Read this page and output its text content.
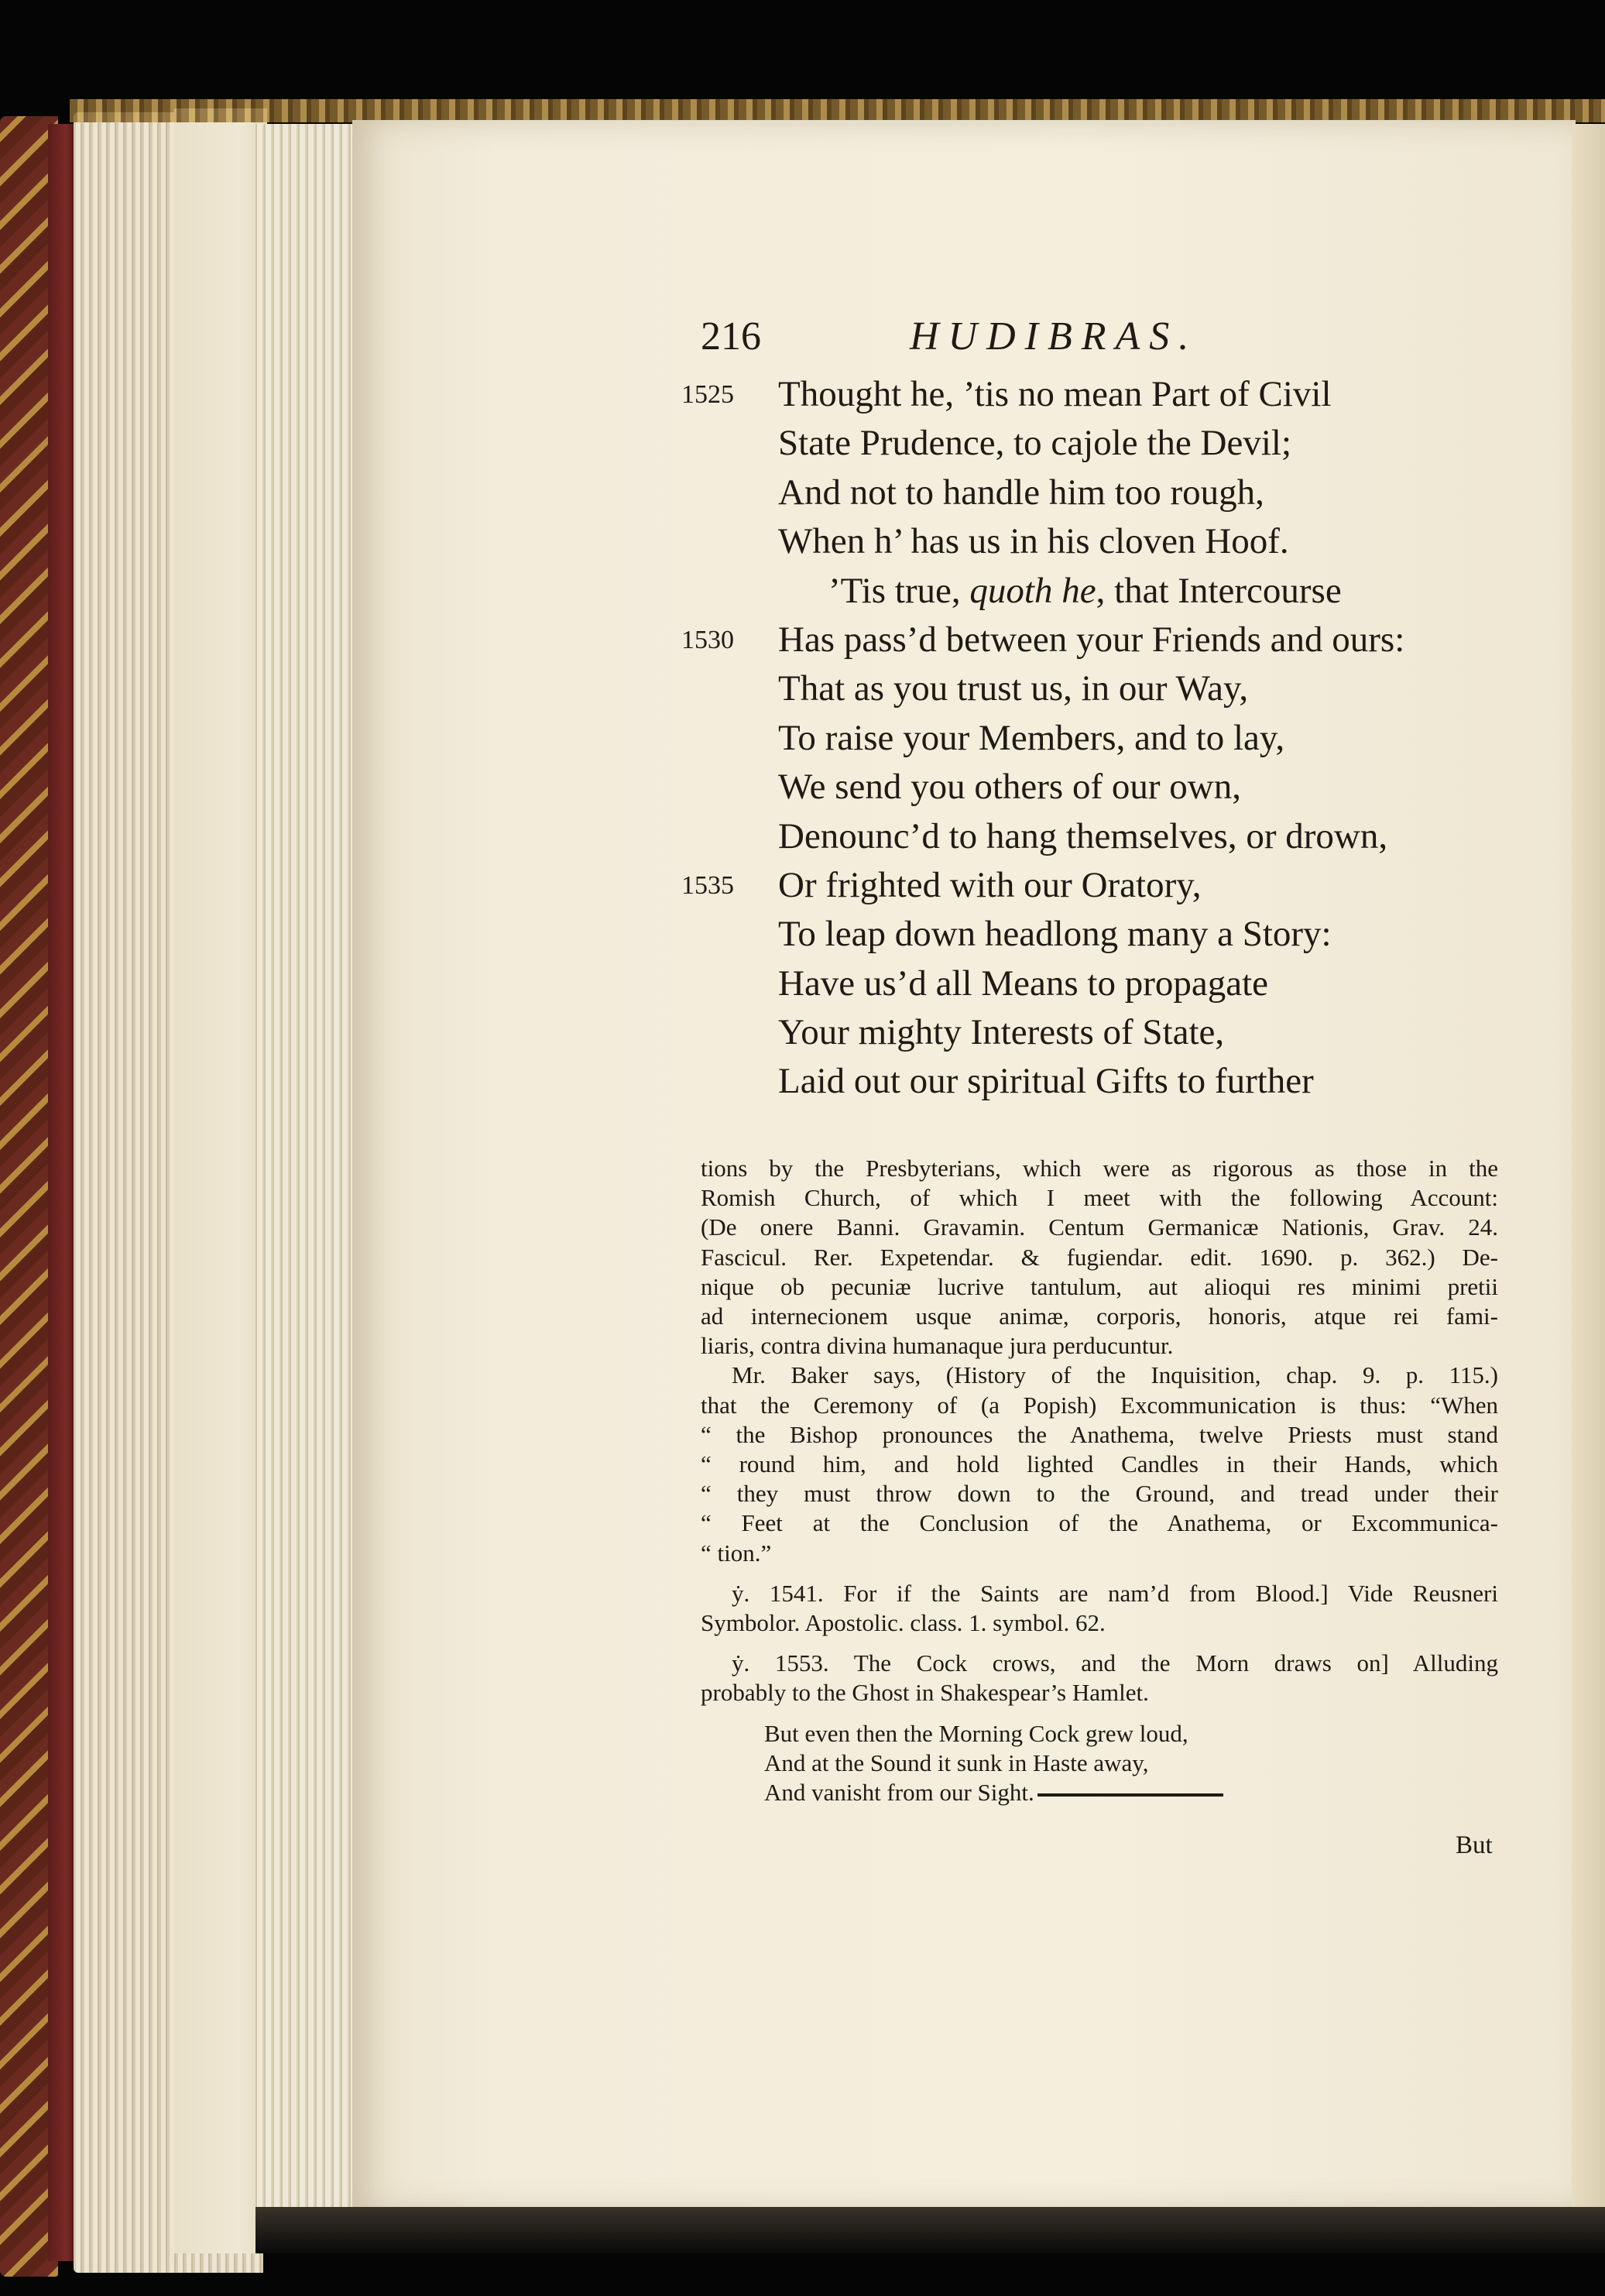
216	HUDIBRAS.
1525 Thought he, ’tis no mean Part of Civil
State Prudence, to cajole the Devil;
And not to handle him too rough,
When h’ has us in his cloven Hoof.
’Tis true, quoth he, that Intercourse
1530 Has pass’d between your Friends and ours:
That as you trust us, in our Way,
To raise your Members, and to lay,
We send you others of our own,
Denounc’d to hang themselves, or drown,
1535 Or frighted with our Oratory,
To leap down headlong many a Story:
Have us’d all Means to propagate
Your mighty Interests of State,
Laid out our spiritual Gifts to further
tions by the Presbyterians, which were as rigorous as those in the
Romish Church, of which I meet with the following Account:
(De onere Banni. Gravamin. Centum Germanicæ Nationis, Grav. 24.
Fascicul. Rer. Expetendar. & fugiendar. edit. 1690. p. 362.) De-
nique ob pecuniæ lucrive tantulum, aut alioqui res minimi pretii
ad internecionem usque animæ, corporis, honoris, atque rei fami-
liaris, contra divina humanaque jura perducuntur.
Mr. Baker says, (History of the Inquisition, chap. 9. p. 115.)
that the Ceremony of (a Popish) Excommunication is thus: “When
“ the Bishop pronounces the Anathema, twelve Priests must stand
“ round him, and hold lighted Candles in their Hands, which
“ they must throw down to the Ground, and tread under their
“ Feet at the Conclusion of the Anathema, or Excommunica-
“ tion.”
ẏ. 1541. For if the Saints are nam’d from Blood.] Vide Reusneri
Symbolor. Apostolic. class. 1. symbol. 62.
ẏ. 1553. The Cock crows, and the Morn draws on] Alluding
probably to the Ghost in Shakespear’s Hamlet.
But even then the Morning Cock grew loud,
And at the Sound it sunk in Haste away,
And vanisht from our Sight.
But
